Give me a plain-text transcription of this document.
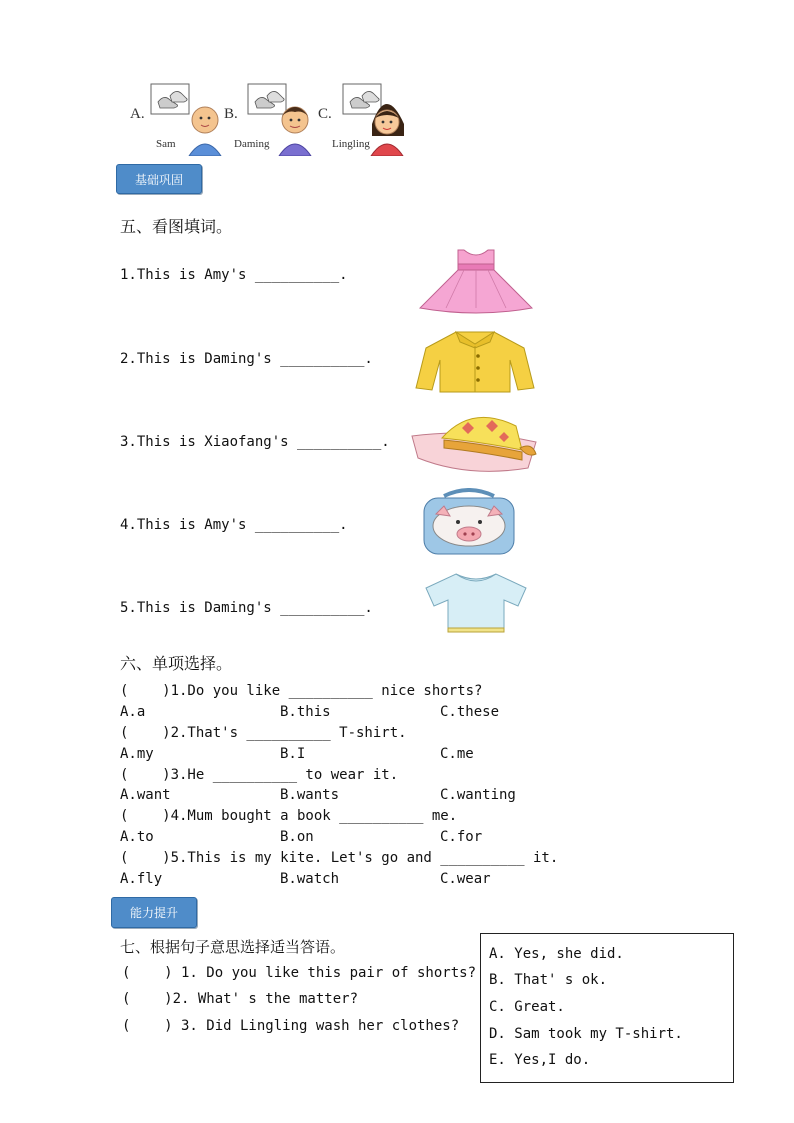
A.
Sam
B.
Daming
C.
Lingling
基础巩固
五、看图填词。
1.This is Amy's __________.
2.This is Daming's __________.
3.This is Xiaofang's __________.
4.This is Amy's __________.
5.This is Daming's __________.
六、单项选择。
(    )1.Do you like __________ nice shorts?
A.a	B.this	C.these
(    )2.That's __________ T-shirt.
A.my	B.I	C.me
(    )3.He __________ to wear it.
A.want	B.wants	C.wanting
(    )4.Mum bought a book __________ me.
A.to	B.on	C.for
(    )5.This is my kite. Let's go and __________ it.
A.fly	B.watch	C.wear
能力提升
七、根据句子意思选择适当答语。
(    ) 1. Do you like this pair of shorts?
(    )2. What' s the matter?
(    ) 3. Did Lingling wash her clothes?
A. Yes, she did.
B. That' s ok.
C. Great.
D. Sam took my T-shirt.
E. Yes,I do.
